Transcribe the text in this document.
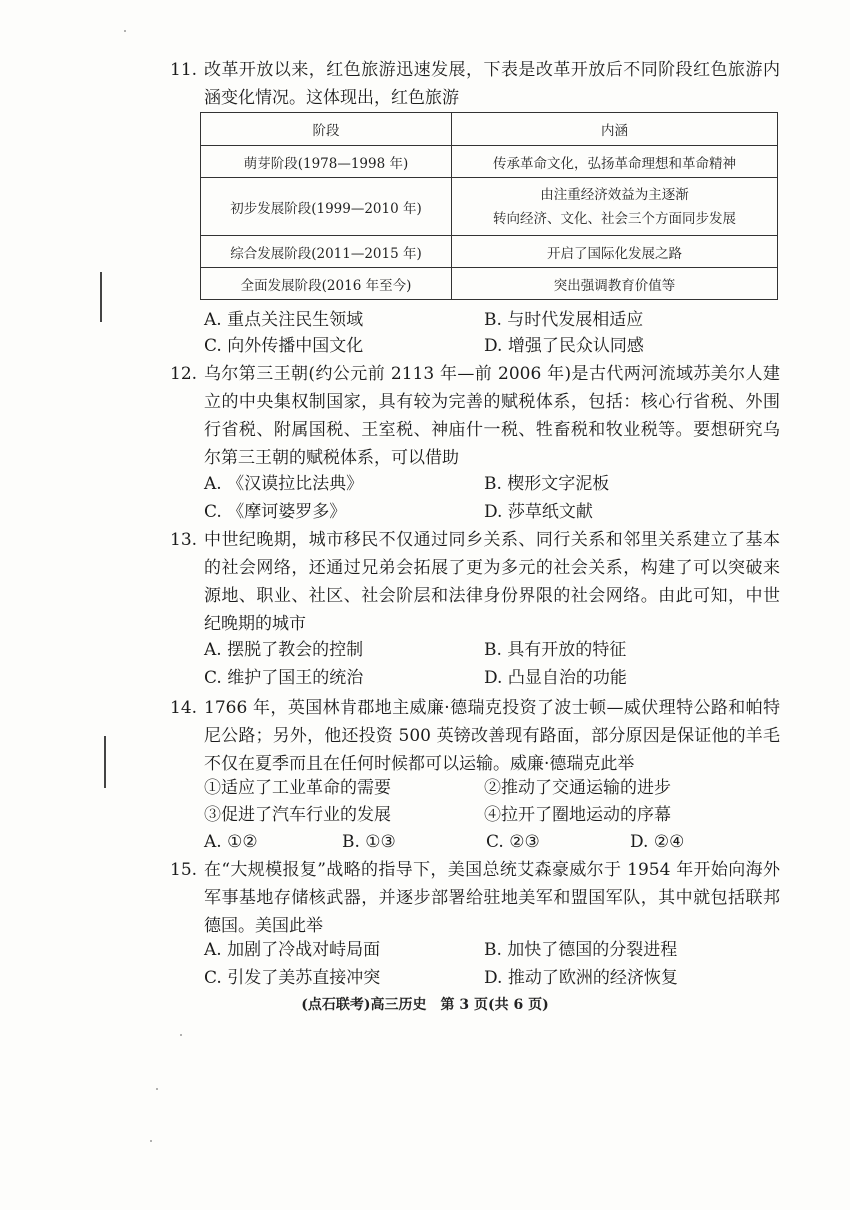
11. 改革开放以来，红色旅游迅速发展，下表是改革开放后不同阶段红色旅游内涵变化情况。这体现出，红色旅游
阶段	内涵
萌芽阶段(1978—1998 年)	传承革命文化，弘扬革命理想和革命精神
初步发展阶段(1999—2010 年)	由注重经济效益为主逐渐
转向经济、文化、社会三个方面同步发展
综合发展阶段(2011—2015 年)	开启了国际化发展之路
全面发展阶段(2016 年至今)	突出强调教育价值等
A. 重点关注民生领域	B. 与时代发展相适应
C. 向外传播中国文化	D. 增强了民众认同感
12. 乌尔第三王朝(约公元前 2113 年—前 2006 年)是古代两河流域苏美尔人建立的中央集权制国家，具有较为完善的赋税体系，包括：核心行省税、外围行省税、附属国税、王室税、神庙什一税、牲畜税和牧业税等。要想研究乌尔第三王朝的赋税体系，可以借助
A. 《汉谟拉比法典》	B. 楔形文字泥板
C. 《摩诃婆罗多》	D. 莎草纸文献
13. 中世纪晚期，城市移民不仅通过同乡关系、同行关系和邻里关系建立了基本的社会网络，还通过兄弟会拓展了更为多元的社会关系，构建了可以突破来源地、职业、社区、社会阶层和法律身份界限的社会网络。由此可知，中世纪晚期的城市
A. 摆脱了教会的控制	B. 具有开放的特征
C. 维护了国王的统治	D. 凸显自治的功能
14. 1766 年，英国林肯郡地主威廉·德瑞克投资了波士顿—威伏理特公路和帕特尼公路；另外，他还投资 500 英镑改善现有路面，部分原因是保证他的羊毛不仅在夏季而且在任何时候都可以运输。威廉·德瑞克此举
①适应了工业革命的需要	②推动了交通运输的进步
③促进了汽车行业的发展	④拉开了圈地运动的序幕
A. ①②	B. ①③	C. ②③	D. ②④
15. 在“大规模报复”战略的指导下，美国总统艾森豪威尔于 1954 年开始向海外军事基地存储核武器，并逐步部署给驻地美军和盟国军队，其中就包括联邦德国。美国此举
A. 加剧了冷战对峙局面	B. 加快了德国的分裂进程
C. 引发了美苏直接冲突	D. 推动了欧洲的经济恢复
(点石联考)高三历史　第 3 页(共 6 页)
